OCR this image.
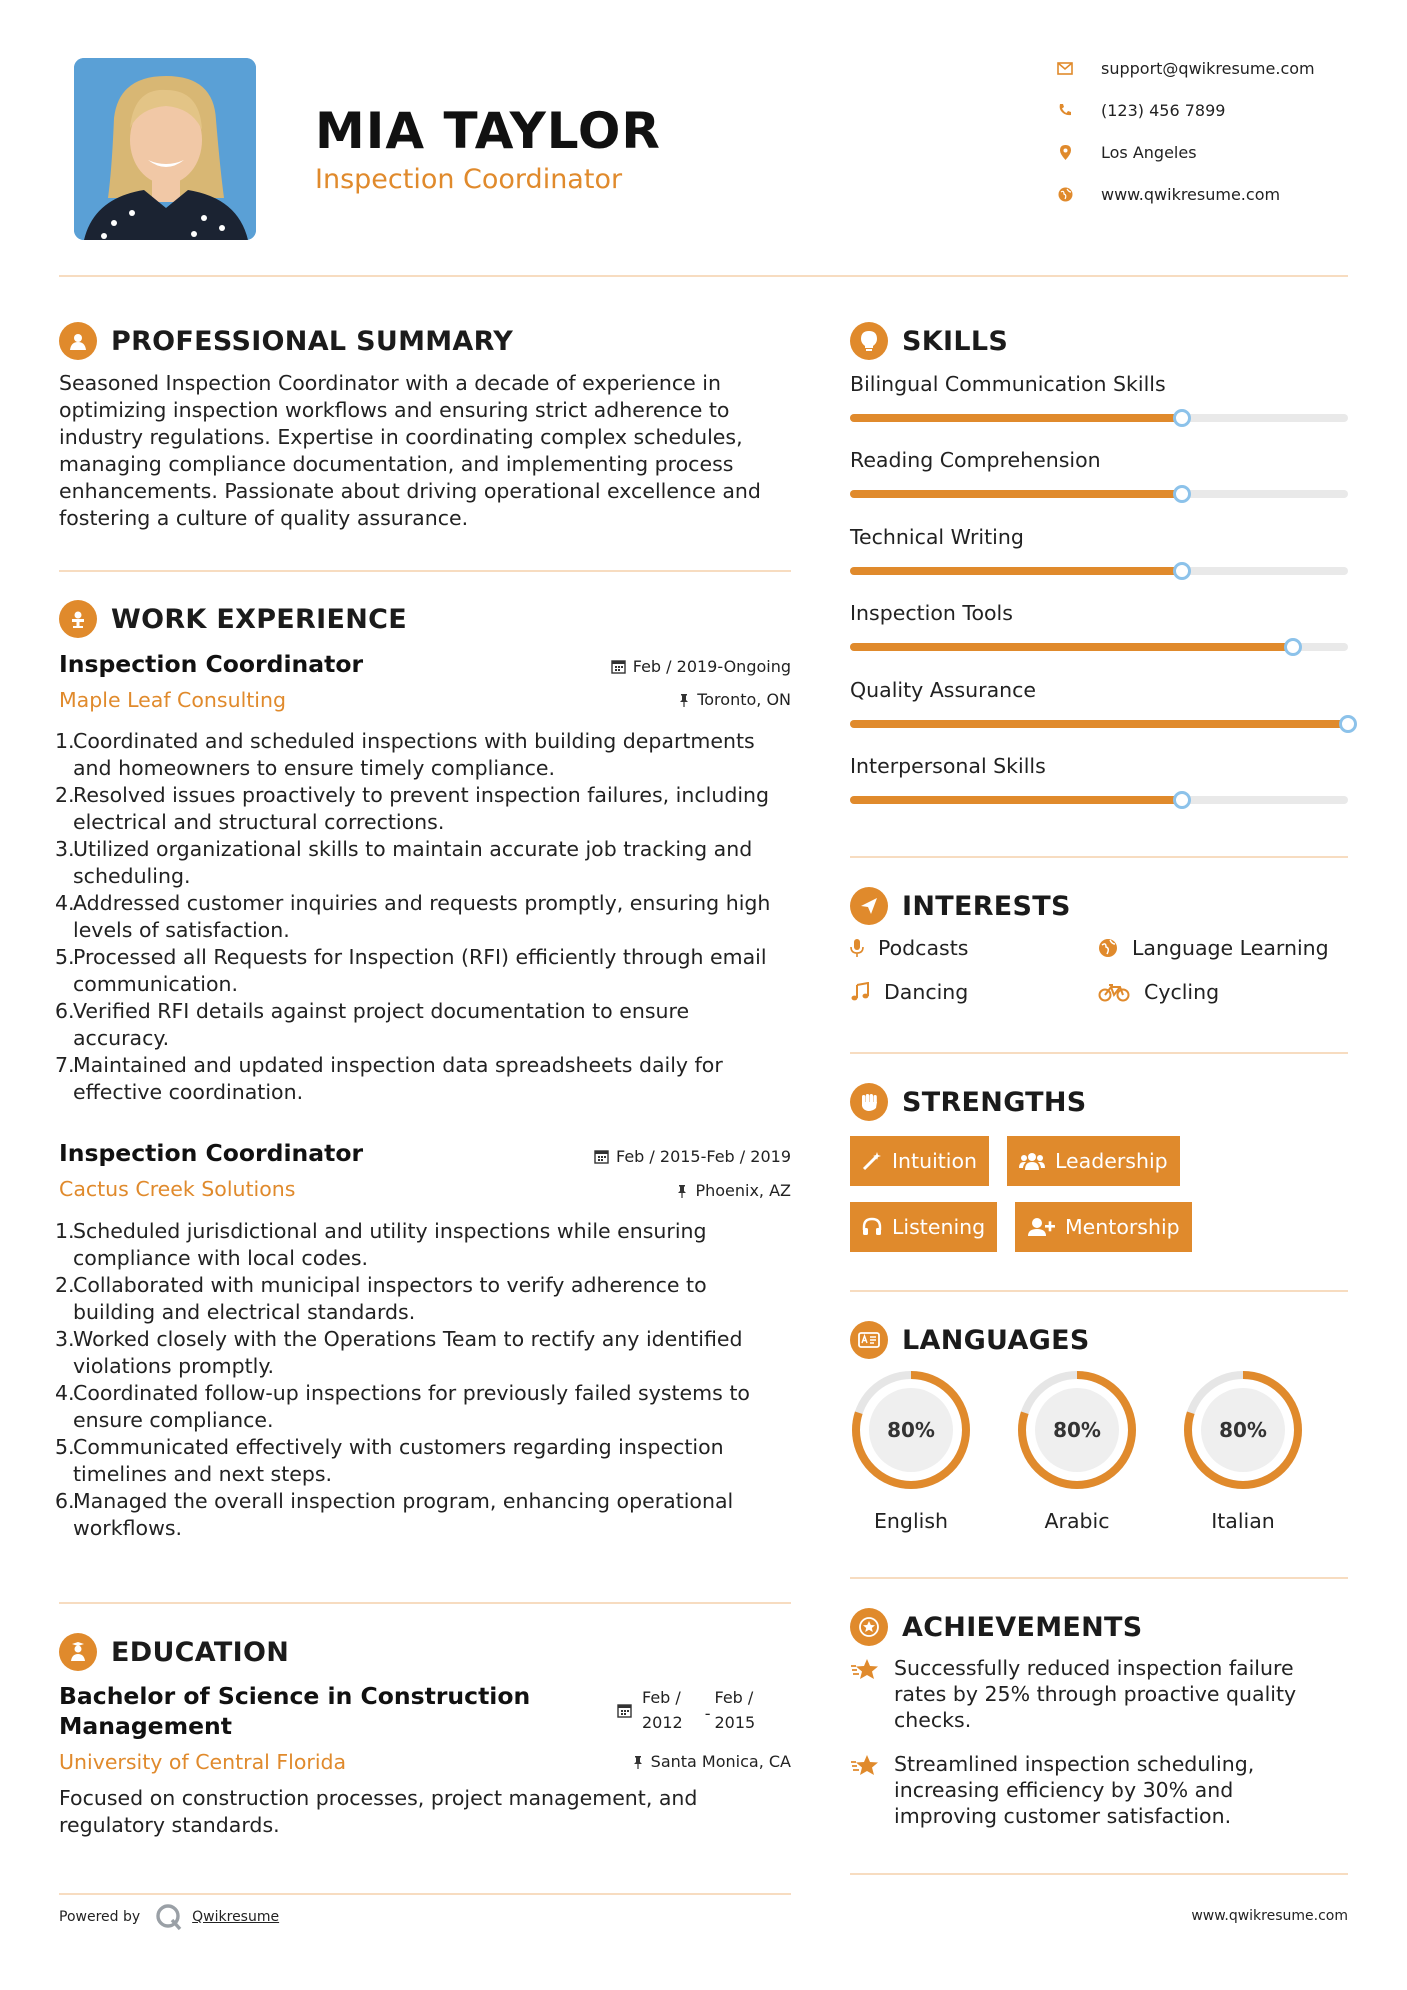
MIA TAYLOR
Inspection Coordinator
support@qwikresume.com
(123) 456 7899
Los Angeles
www.qwikresume.com
PROFESSIONAL SUMMARY
Seasoned Inspection Coordinator with a decade of experience in
optimizing inspection workflows and ensuring strict adherence to
industry regulations. Expertise in coordinating complex schedules,
managing compliance documentation, and implementing process
enhancements. Passionate about driving operational excellence and
fostering a culture of quality assurance.
WORK EXPERIENCE
Inspection Coordinator
Maple Leaf Consulting
Feb / 2019-Ongoing
Toronto, ON
1.
Coordinated and scheduled inspections with building departments
and homeowners to ensure timely compliance.
2.
Resolved issues proactively to prevent inspection failures, including
electrical and structural corrections.
3.
Utilized organizational skills to maintain accurate job tracking and
scheduling.
4.
Addressed customer inquiries and requests promptly, ensuring high
levels of satisfaction.
5.
Processed all Requests for Inspection (RFI) efficiently through email
communication.
6.
Verified RFI details against project documentation to ensure
accuracy.
7.
Maintained and updated inspection data spreadsheets daily for
effective coordination.
Inspection Coordinator
Cactus Creek Solutions
Feb / 2015-Feb / 2019
Phoenix, AZ
1.
Scheduled jurisdictional and utility inspections while ensuring
compliance with local codes.
2.
Collaborated with municipal inspectors to verify adherence to
building and electrical standards.
3.
Worked closely with the Operations Team to rectify any identified
violations promptly.
4.
Coordinated follow-up inspections for previously failed systems to
ensure compliance.
5.
Communicated effectively with customers regarding inspection
timelines and next steps.
6.
Managed the overall inspection program, enhancing operational
workflows.
EDUCATION
Bachelor of Science in Construction
Management
Feb /
2012 -
Feb /
2015
University of Central Florida	Santa Monica, CA
Focused on construction processes, project management, and
regulatory standards.
SKILLS
Bilingual Communication Skills
Reading Comprehension
Technical Writing
Inspection Tools
Quality Assurance
Interpersonal Skills
INTERESTS
Podcasts	Language Learning
Dancing	Cycling
STRENGTHS
Intuition	Leadership
Listening	Mentorship
LANGUAGES
80%
English
80%
Arabic
80%
Italian
ACHIEVEMENTS
Successfully reduced inspection failure
rates by 25% through proactive quality
checks.
Streamlined inspection scheduling,
increasing efficiency by 30% and
improving customer satisfaction.
Powered by	Qwikresume	www.qwikresume.com
